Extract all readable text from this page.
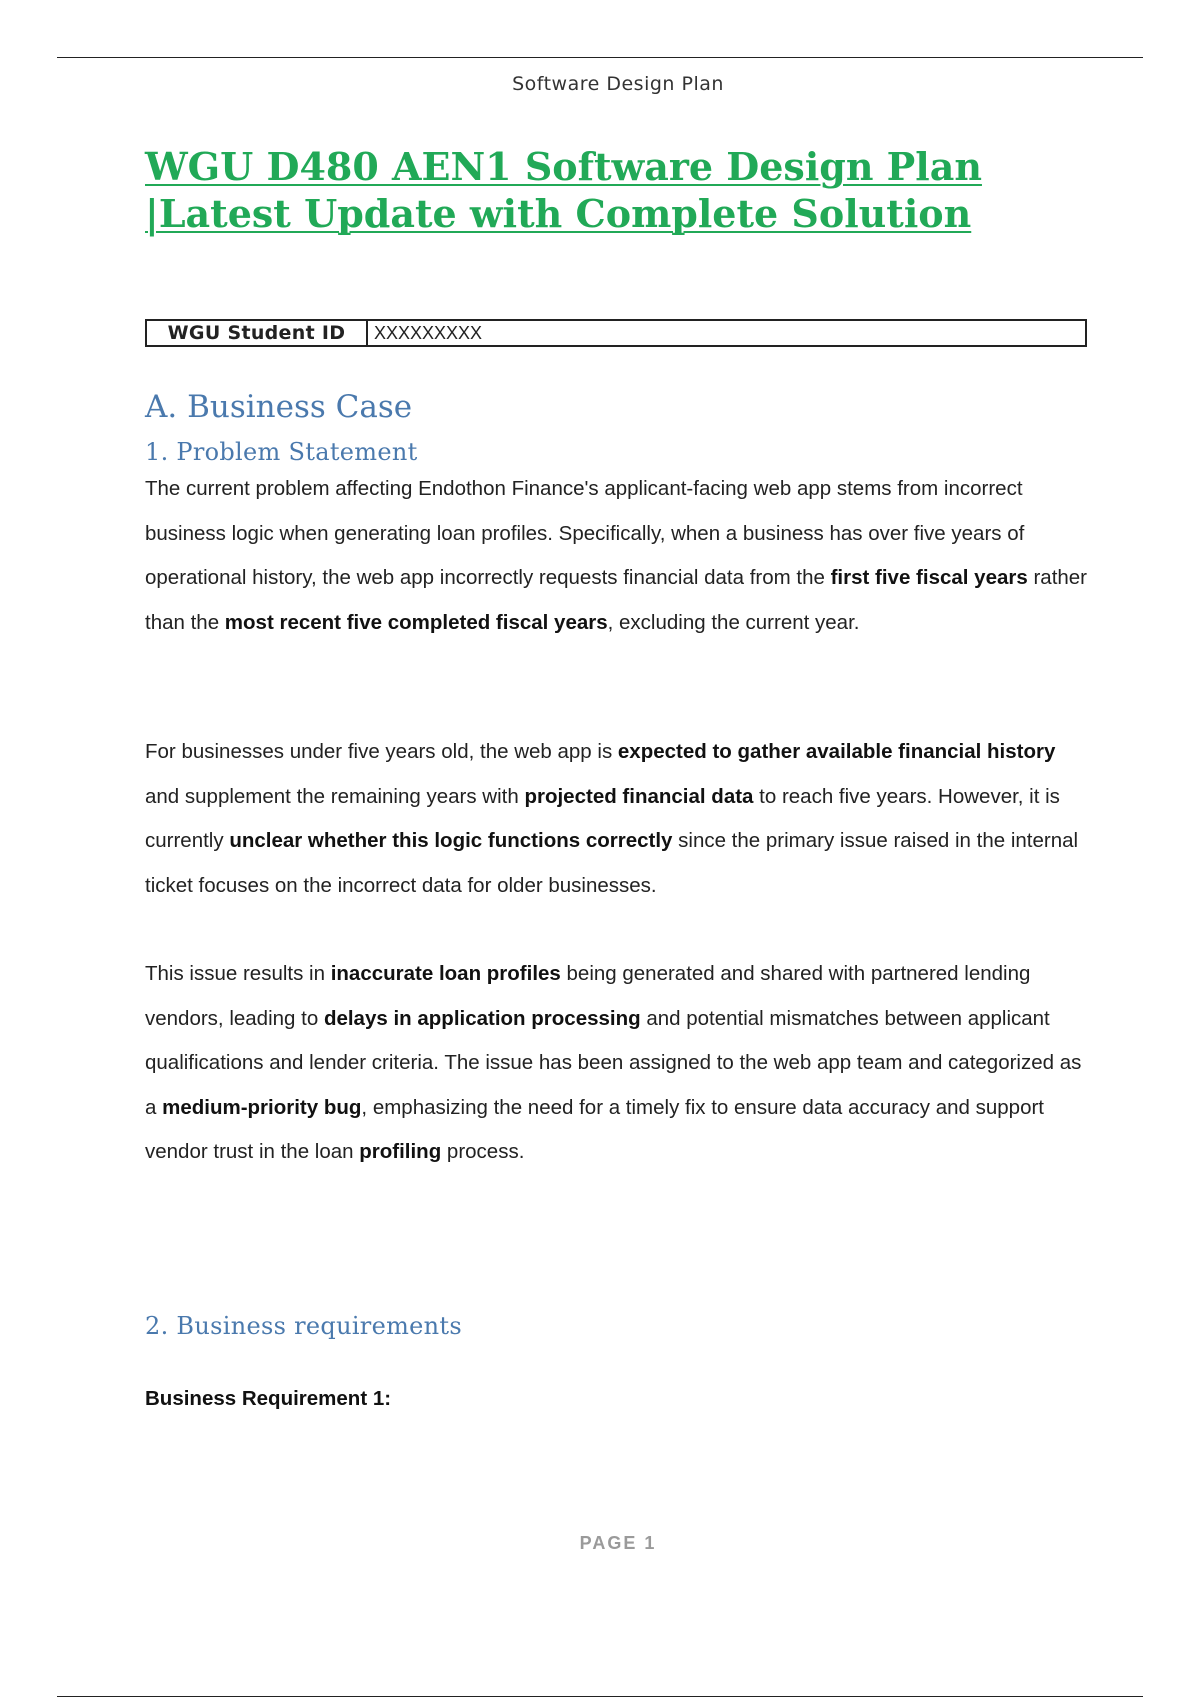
Software Design Plan
WGU D480 AEN1 Software Design Plan |Latest Update with Complete Solution
WGU Student ID	XXXXXXXXX
A. Business Case
1. Problem Statement

The current problem affecting Endothon Finance's applicant-facing web app stems from incorrect business logic when generating loan profiles. Specifically, when a business has over five years of operational history, the web app incorrectly requests financial data from the first five fiscal years rather than the most recent five completed fiscal years, excluding the current year.

For businesses under five years old, the web app is expected to gather available financial history and supplement the remaining years with projected financial data to reach five years. However, it is currently unclear whether this logic functions correctly since the primary issue raised in the internal ticket focuses on the incorrect data for older businesses.

This issue results in inaccurate loan profiles being generated and shared with partnered lending vendors, leading to delays in application processing and potential mismatches between applicant qualifications and lender criteria. The issue has been assigned to the web app team and categorized as a medium-priority bug, emphasizing the need for a timely fix to ensure data accuracy and support vendor trust in the loan profiling process.

2. Business requirements

Business Requirement 1:

PAGE 1
